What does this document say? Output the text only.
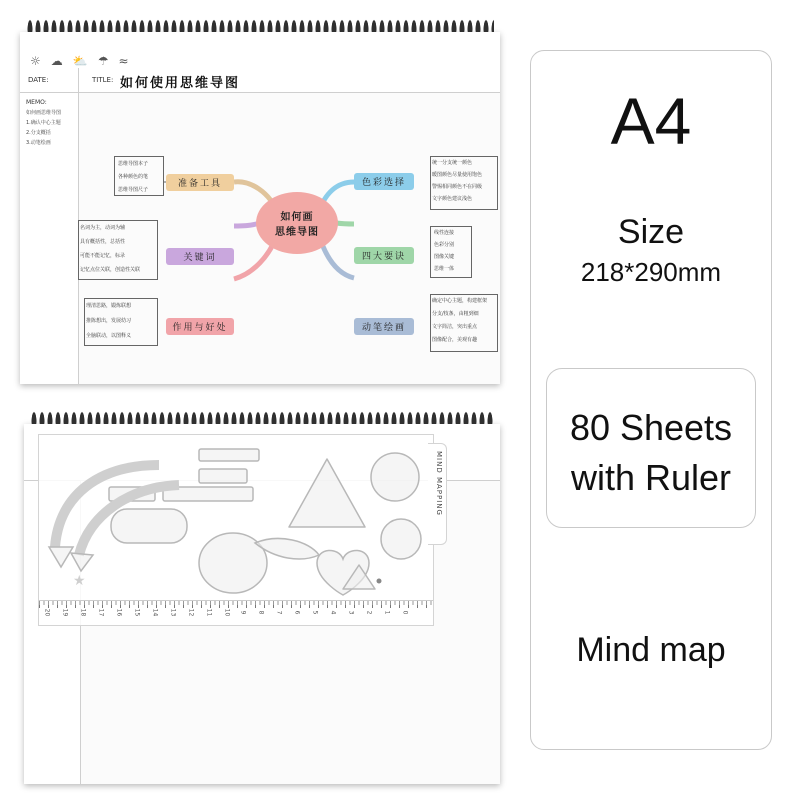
☼ ☁ ⛅ ☂ ≈
DATE:	TITLE: 如何使用思维导图
MEMO:
如何画思维导图
1.确认中心主题
2.分支概括
3.动笔绘画
如何画
思维导图
准备工具
关键词
作用与好处
色彩选择
四大要诀
动笔绘画
思维导图本子
各种颜色的笔
思维导图尺子
名词为主，动词为辅
具有概括性，总括性
可能不能记忆，标录
记忆点位关联，创造性关联
理清思路，锻炼联想
推陈想出，发展幼习
全脑联动，以图释义
统一分支统一颜色
暖图颜色尽量使用饱色
警惕相同颜色不在同级
文字颜色建议浅色
线性连接
色彩分别
图像关键
思维一体
确定中心主题，构建框架
分支/枝条，由粗到细
文字简洁，突出重点
图像配合，美观有趣
MIND MAPPING
★
20 19 18 17 16 15 14 13 12 11 10 9 8 7 6 5 4 3 2 1 0
A4
Size
218*290mm
Mind map
80 Sheets
with Ruler
